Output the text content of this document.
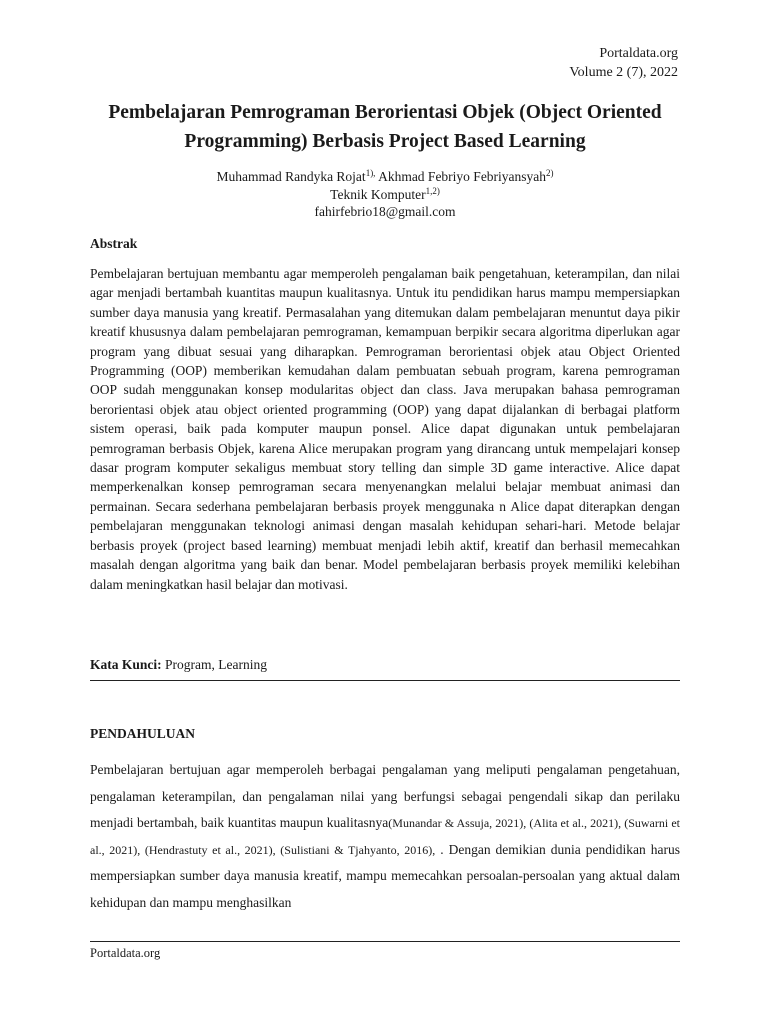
Portaldata.org
Volume 2 (7), 2022
Pembelajaran Pemrograman Berorientasi Objek (Object Oriented
Programming) Berbasis Project Based Learning
Muhammad Randyka Rojat$^{1),}$ Akhmad Febriyo Febriyansyah$^{2)}$
Teknik Komputer$^{1,2)}$
fahirfebrio18@gmail.com
Abstrak
Pembelajaran bertujuan membantu agar memperoleh pengalaman baik pengetahuan, keterampilan, dan nilai agar menjadi bertambah kuantitas maupun kualitasnya. Untuk itu pendidikan harus mampu mempersiapkan sumber daya manusia yang kreatif. Permasalahan yang ditemukan dalam pembelajaran menuntut daya pikir kreatif khususnya dalam pembelajaran pemrograman, kemampuan berpikir secara algoritma diperlukan agar program yang dibuat sesuai yang diharapkan. Pemrograman berorientasi objek atau Object Oriented Programming (OOP) memberikan kemudahan dalam pembuatan sebuah program, karena pemrograman OOP sudah menggunakan konsep modularitas object dan class. Java merupakan bahasa pemrograman berorientasi objek atau object oriented programming (OOP) yang dapat dijalankan di berbagai platform sistem operasi, baik pada komputer maupun ponsel. Alice dapat digunakan untuk pembelajaran pemrograman berbasis Objek, karena Alice merupakan program yang dirancang untuk mempelajari konsep dasar program komputer sekaligus membuat story telling dan simple 3D game interactive. Alice dapat memperkenalkan konsep pemrograman secara menyenangkan melalui belajar membuat animasi dan permainan. Secara sederhana pembelajaran berbasis proyek menggunaka n Alice dapat diterapkan dengan pembelajaran menggunakan teknologi animasi dengan masalah kehidupan sehari-hari. Metode belajar berbasis proyek (project based learning) membuat menjadi lebih aktif, kreatif dan berhasil memecahkan masalah dengan algoritma yang baik dan benar. Model pembelajaran berbasis proyek memiliki kelebihan dalam meningkatkan hasil belajar dan motivasi.
Kata Kunci: Program, Learning
PENDAHULUAN
Pembelajaran bertujuan agar memperoleh berbagai pengalaman yang meliputi pengalaman pengetahuan, pengalaman keterampilan, dan pengalaman nilai yang berfungsi sebagai pengendali sikap dan perilaku menjadi bertambah, baik kuantitas maupun kualitasnya(Munandar & Assuja, 2021), (Alita et al., 2021), (Suwarni et al., 2021), (Hendrastuty et al., 2021), (Sulistiani & Tjahyanto, 2016), . Dengan demikian dunia pendidikan harus mempersiapkan sumber daya manusia kreatif, mampu memecahkan persoalan-persoalan yang aktual dalam kehidupan dan mampu menghasilkan
Portaldata.org
